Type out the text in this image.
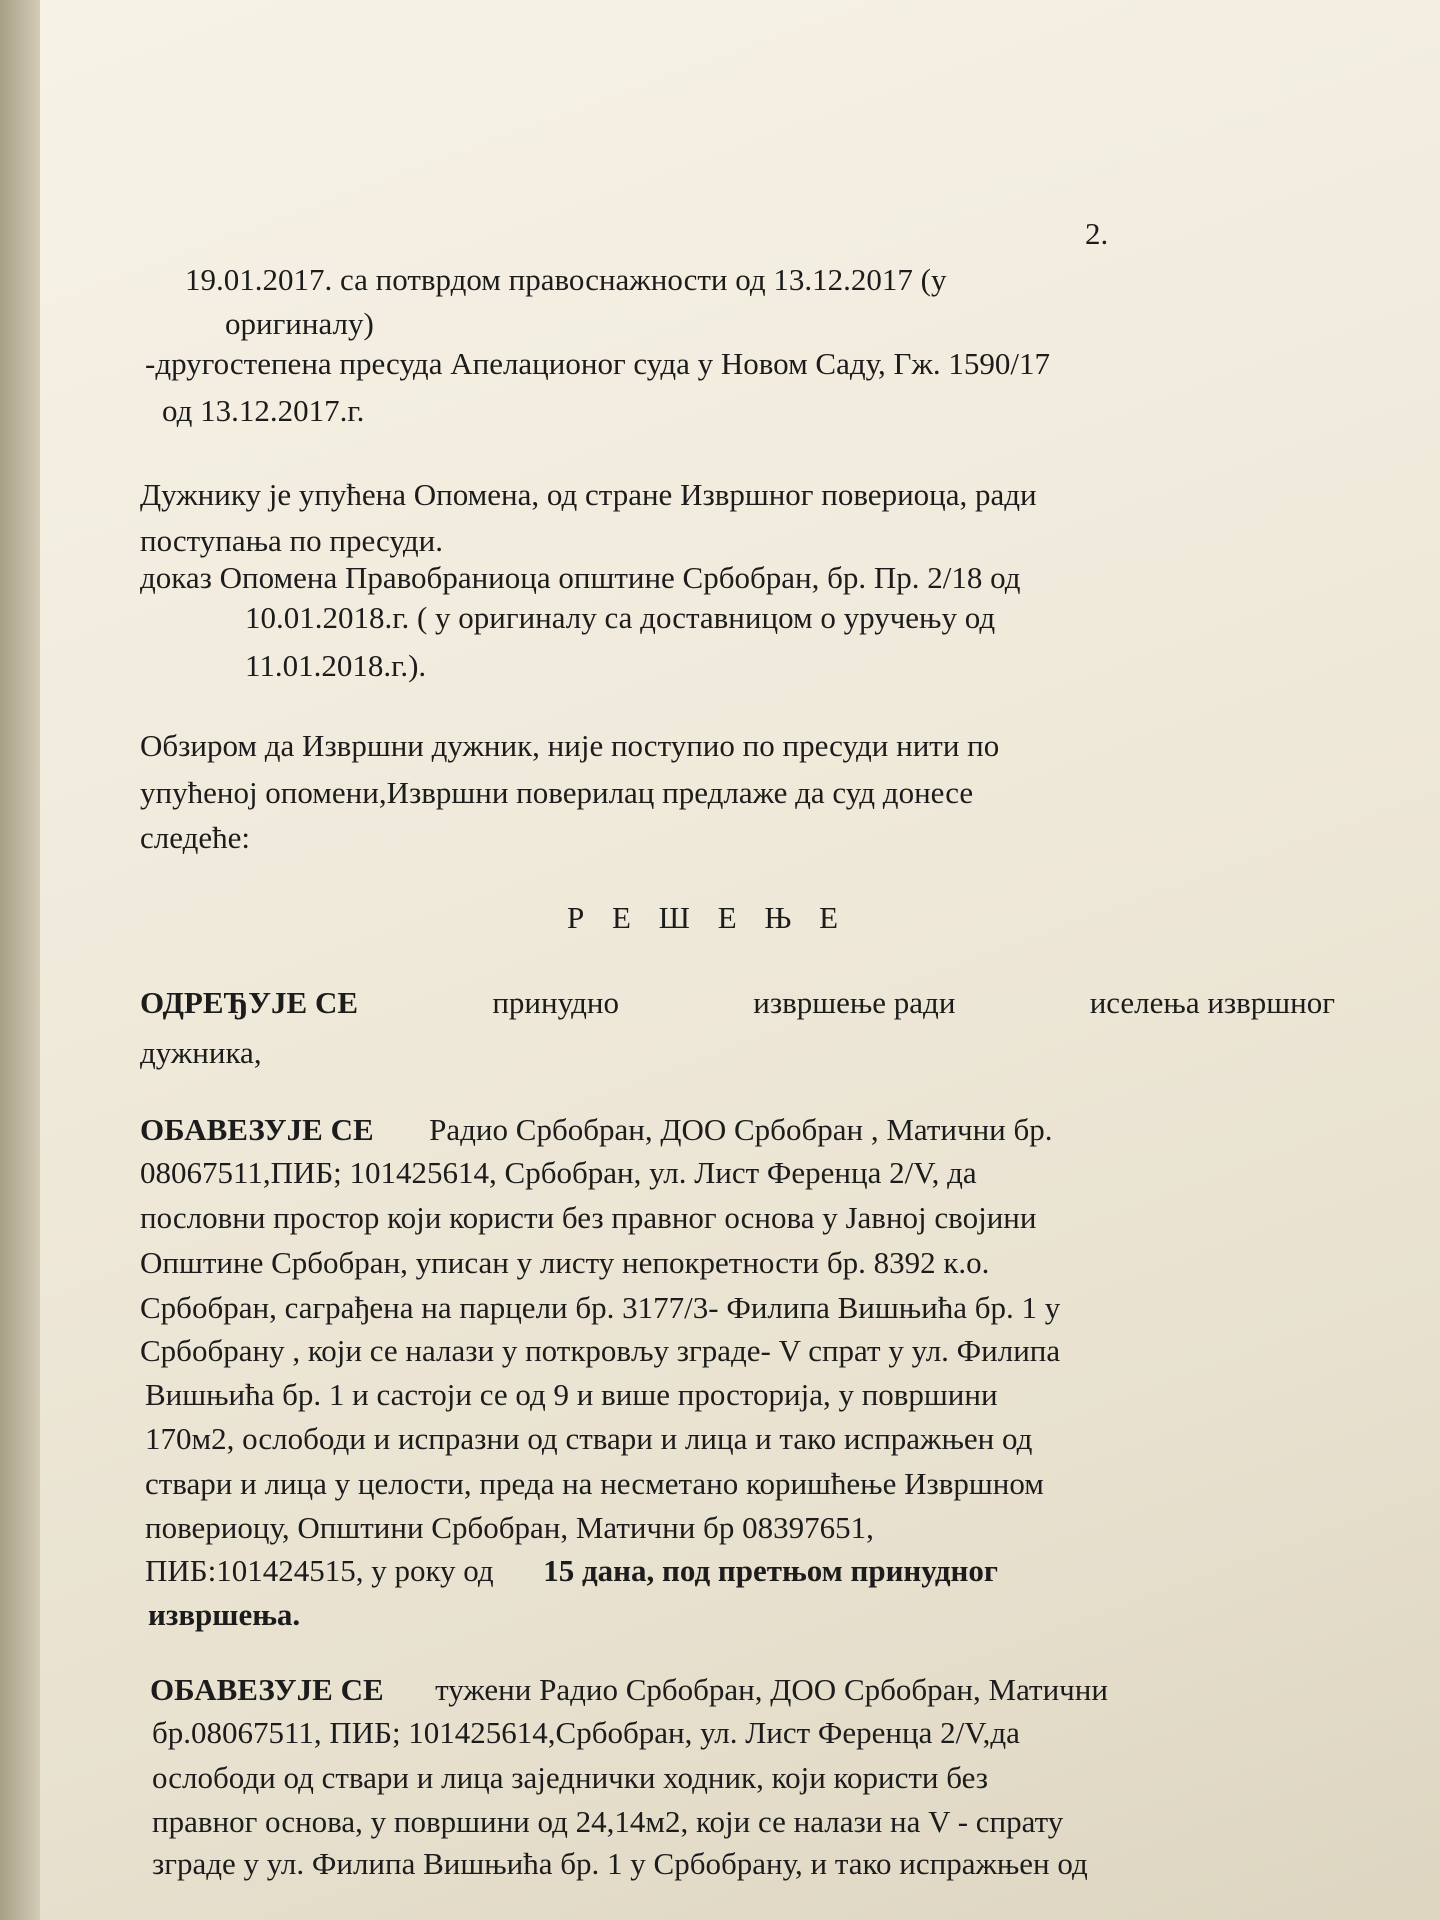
2.
19.01.2017. са потврдом правоснажности од 13.12.2017 (у
оригиналу)
-другостепена пресуда Апелационог суда у Новом Саду, Гж. 1590/17
од 13.12.2017.г.
Дужнику је упућена Опомена, од стране Извршног повериоца, ради
поступања по пресуди.
доказ Опомена Правобраниоца општине Србобран, бр. Пр. 2/18 од
10.01.2018.г. ( у оригиналу са доставницом о уручењу од
11.01.2018.г.).
Обзиром да Извршни дужник, није поступио по пресуди нити по
упућеној опомени,Извршни поверилац предлаже да суд донесе
следеће:
Р Е Ш Е Њ Е
ОДРЕЂУЈЕ СЕ	принудно	извршење ради	иселења извршног
дужника,
ОБАВЕЗУЈЕ СЕ Радио Србобран, ДОО Србобран , Матични бр.
08067511,ПИБ; 101425614, Србобран, ул. Лист Ференца 2/V, да
пословни простор који користи без правног основа у Јавној својини
Општине Србобран, уписан у листу непокретности бр. 8392 к.о.
Србобран, саграђена на парцели бр. 3177/3- Филипа Вишњића бр. 1 у
Србобрану , који се налази у поткровљу зграде- V спрат у ул. Филипа
Вишњића бр. 1 и састоји се од 9 и више просторија, у површини
170м2, ослободи и испразни од ствари и лица и тако испражњен од
ствари и лица у целости, преда на несметано коришћење Извршном
повериоцу, Општини Србобран, Матични бр 08397651,
ПИБ:101424515, у року од 15 дана, под претњом принудног
извршења.
ОБАВЕЗУЈЕ СЕ тужени Радио Србобран, ДОО Србобран, Матични
бр.08067511, ПИБ; 101425614,Србобран, ул. Лист Ференца 2/V,да
ослободи од ствари и лица заједнички ходник, који користи без
правног основа, у површини од 24,14м2, који се налази на V - спрату
зграде у ул. Филипа Вишњића бр. 1 у Србобрану, и тако испражњен од
